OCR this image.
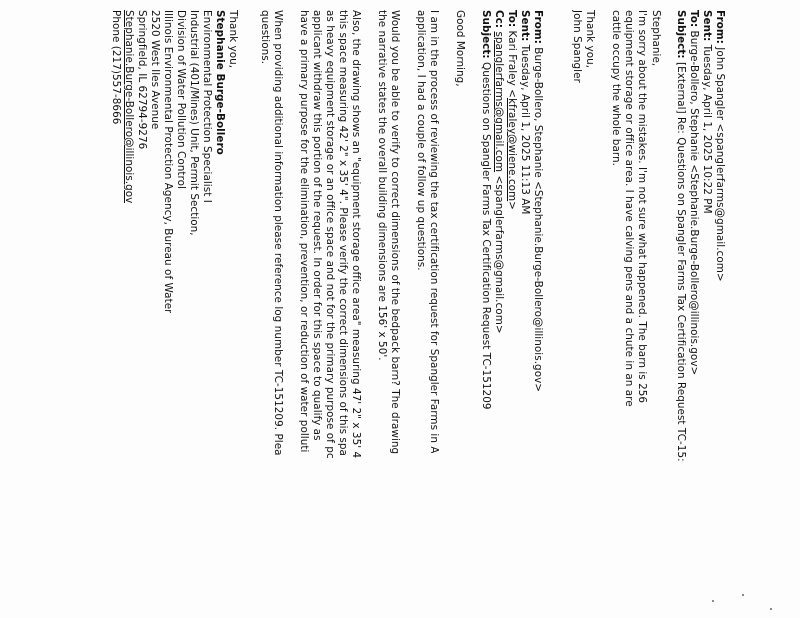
From: John Spangler <spanglerfarms@gmail.com>
Sent: Tuesday, April 1, 2025 10:22 PM
To: Burge-Bollero, Stephanie <Stephanie.Burge-Bollero@illinois.gov>
Subject: [External] Re: Questions on Spangler Farms Tax Certification Request TC-15:
Stephanie,
I'm sorry about the mistakes. I'm not sure what happened. The barn is 256
equipment storage or office area. I have calving pens and a chute in an are
cattle occupy the whole barn.
Thank you,
John Spangler
From: Burge-Bollero, Stephanie <Stephanie.Burge-Bollero@illinois.gov>
Sent: Tuesday, April 1, 2025 11:13 AM
To: Kari Fraley <kfraley@wiene.com>
Cc: spanglerfarms@gmail.com <spanglerfarms@gmail.com>
Subject: Questions on Spangler Farms Tax Certification Request TC-151209
Good Morning,
I am in the process of reviewing the tax certification request for Spangler Farms in A
application, I had a couple of follow up questions.
Would you be able to verify to correct dimensions of the bedpack barn? The drawing
the narrative states the overall building dimensions are 156' x 50'.
Also, the drawing shows an "equipment storage office area" measuring 47' 2" x 35' 4
this space measuring 42' 2" x 35' 4". Please verify the correct dimensions of this spa
as heavy equipment storage or an office space and not for the primary purpose of pc
applicant withdraw this portion of the request. In order for this space to qualify as
have a primary purpose for the elimination, prevention, or reduction of water polluti
When providing additional information please reference log number TC-151209. Plea
questions.
Thank you,
Stephanie Burge-Bollero
Environmental Protection Specialist I
Industrial (401/Mines) Unit, Permit Section,
Division of Water Pollution Control
Illinois Environmental Protection Agency, Bureau of Water
2520 West Iles Avenue
Springfield, IL 62794-9276
Stephanie.Burge-Bollero@illinois.gov
Phone (217)557-8666
